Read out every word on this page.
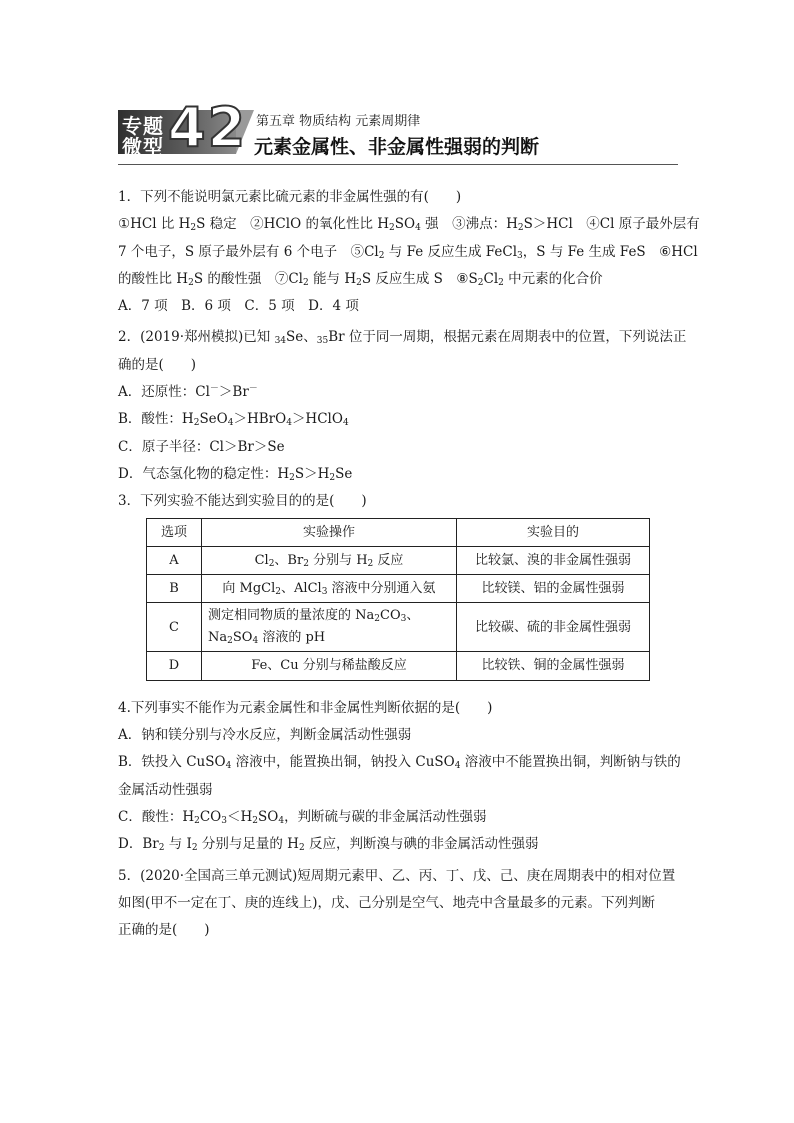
专题
微型 42 第五章 物质结构 元素周期律
元素金属性、非金属性强弱的判断
1．下列不能说明氯元素比硫元素的非金属性强的有(  )
①HCl 比 $H_2S$ 稳定 ②HClO 的氧化性比 $H_2SO_4$ 强 ③沸点：$H_2S>HCl$ ④Cl 原子最外层有
7 个电子，S 原子最外层有 6 个电子 $⑤Cl_2$ 与 Fe 反应生成 FeCl$_3$，S 与 Fe 生成 FeS ⑥HCl
的酸性比 $H_2S$ 的酸性强 $⑦Cl_2$ 能与 $H_2S$ 反应生成 S $⑧S_2Cl_2$ 中元素的化合价
A．7 项 B．6 项 C．5 项 D．4 项
2．(2019·郑州模拟)已知 $_{34}$Se、$_{35}$Br 位于同一周期，根据元素在周期表中的位置，下列说法正
确的是(  )
A．还原性：Cl－＞Br－
B．酸性：$H_2SeO_4>HBrO_4>HClO_4$
C．原子半径：Cl＞Br＞Se
D．气态氢化物的稳定性：$H_2S>H_2Se$
3．下列实验不能达到实验目的的是(  )
选项	实验操作	实验目的
A	$Cl_2$、$Br_2$ 分别与 $H_2$ 反应	比较氯、溴的非金属性强弱
B	向 MgCl$_2$、AlCl$_3$ 溶液中分别通入氨	比较镁、铝的金属性强弱
C	测定相同物质的量浓度的 $Na_2CO_3$、
$Na_2SO_4$ 溶液的 pH	比较碳、硫的非金属性强弱
D	Fe、Cu 分别与稀盐酸反应	比较铁、铜的金属性强弱
4.下列事实不能作为元素金属性和非金属性判断依据的是(  )
A．钠和镁分别与冷水反应，判断金属活动性强弱
B．铁投入 CuSO$_4$ 溶液中，能置换出铜，钠投入 CuSO$_4$ 溶液中不能置换出铜，判断钠与铁的
金属活动性强弱
C．酸性：$H_2CO_3<H_2SO_4$，判断硫与碳的非金属活动性强弱
D．$Br_2$ 与 $I_2$ 分别与足量的 $H_2$ 反应，判断溴与碘的非金属活动性强弱
5．(2020·全国高三单元测试)短周期元素甲、乙、丙、丁、戊、己、庚在周期表中的相对位置
如图(甲不一定在丁、庚的连线上)，戊、己分别是空气、地壳中含量最多的元素。下列判断
正确的是(  )
